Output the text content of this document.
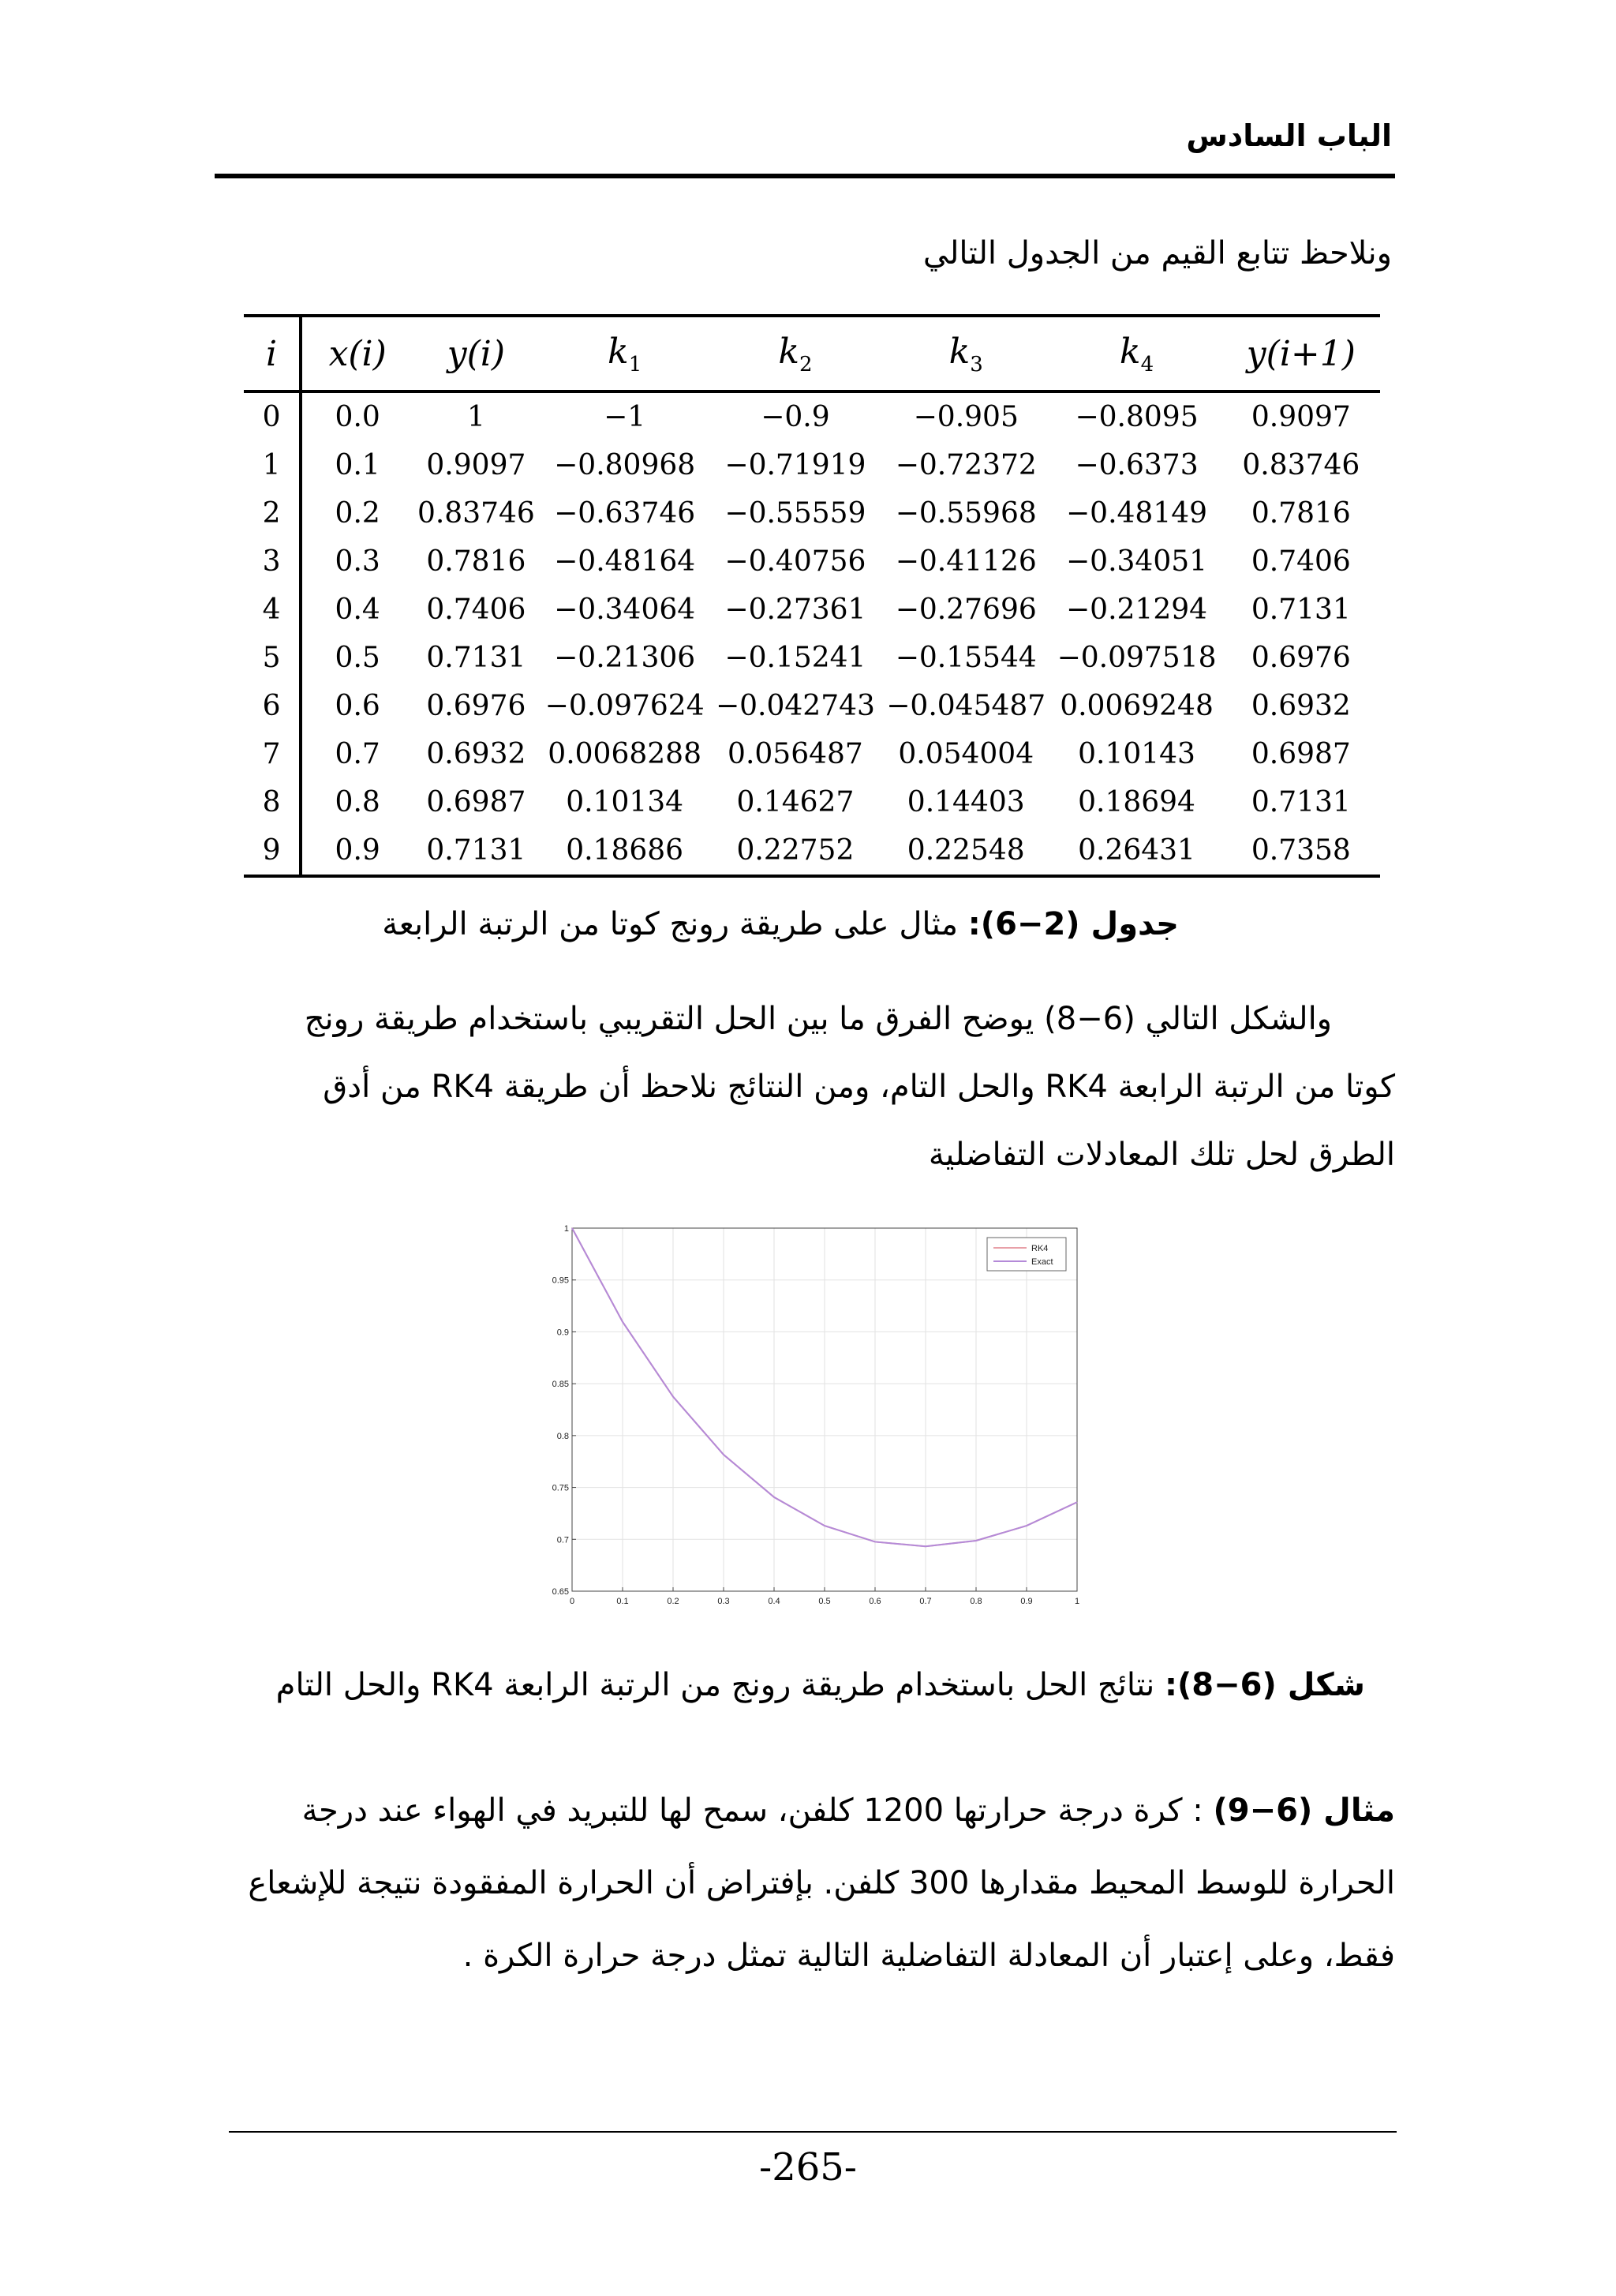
الباب السادس
ونلاحظ تتابع القيم من الجدول التالي
i	x(i)	y(i)	$k_1$	$k_2$	$k_3$	$k_4$	y(i+1)
0	0.0	1	−1	−0.9	−0.905	−0.8095	0.9097
1	0.1	0.9097	−0.80968	−0.71919	−0.72372	−0.6373	0.83746
2	0.2	0.83746	−0.63746	−0.55559	−0.55968	−0.48149	0.7816
3	0.3	0.7816	−0.48164	−0.40756	−0.41126	−0.34051	0.7406
4	0.4	0.7406	−0.34064	−0.27361	−0.27696	−0.21294	0.7131
5	0.5	0.7131	−0.21306	−0.15241	−0.15544	−0.097518	0.6976
6	0.6	0.6976	−0.097624	−0.042743	−0.045487	0.0069248	0.6932
7	0.7	0.6932	0.0068288	0.056487	0.054004	0.10143	0.6987
8	0.8	0.6987	0.10134	0.14627	0.14403	0.18694	0.7131
9	0.9	0.7131	0.18686	0.22752	0.22548	0.26431	0.7358
جدول (2−6): مثال على طريقة رونج كوتا من الرتبة الرابعة

والشكل التالي (6−8) يوضح الفرق ما بين الحل التقريبي باستخدام طريقة رونج

كوتا من الرتبة الرابعة RK4 والحل التام، ومن النتائج نلاحظ أن طريقة RK4 من أدق

الطرق لحل تلك المعادلات التفاضلية

0	0.1	0.2	0.3	0.4	0.5	0.6	0.7	0.8	0.9	1
0.65
0.7
0.75
0.8
0.85
0.9
0.95
1
RK4
Exact
شكل (6−8): نتائج الحل باستخدام طريقة رونج من الرتبة الرابعة RK4 والحل التام

مثال (6−9) : كرة درجة حرارتها 1200 كلفن، سمح لها للتبريد في الهواء عند درجة

الحرارة للوسط المحيط مقدارها 300 كلفن. بإفتراض أن الحرارة المفقودة نتيجة للإشعاع

فقط، وعلى إعتبار أن المعادلة التفاضلية التالية تمثل درجة حرارة الكرة .

-265-
